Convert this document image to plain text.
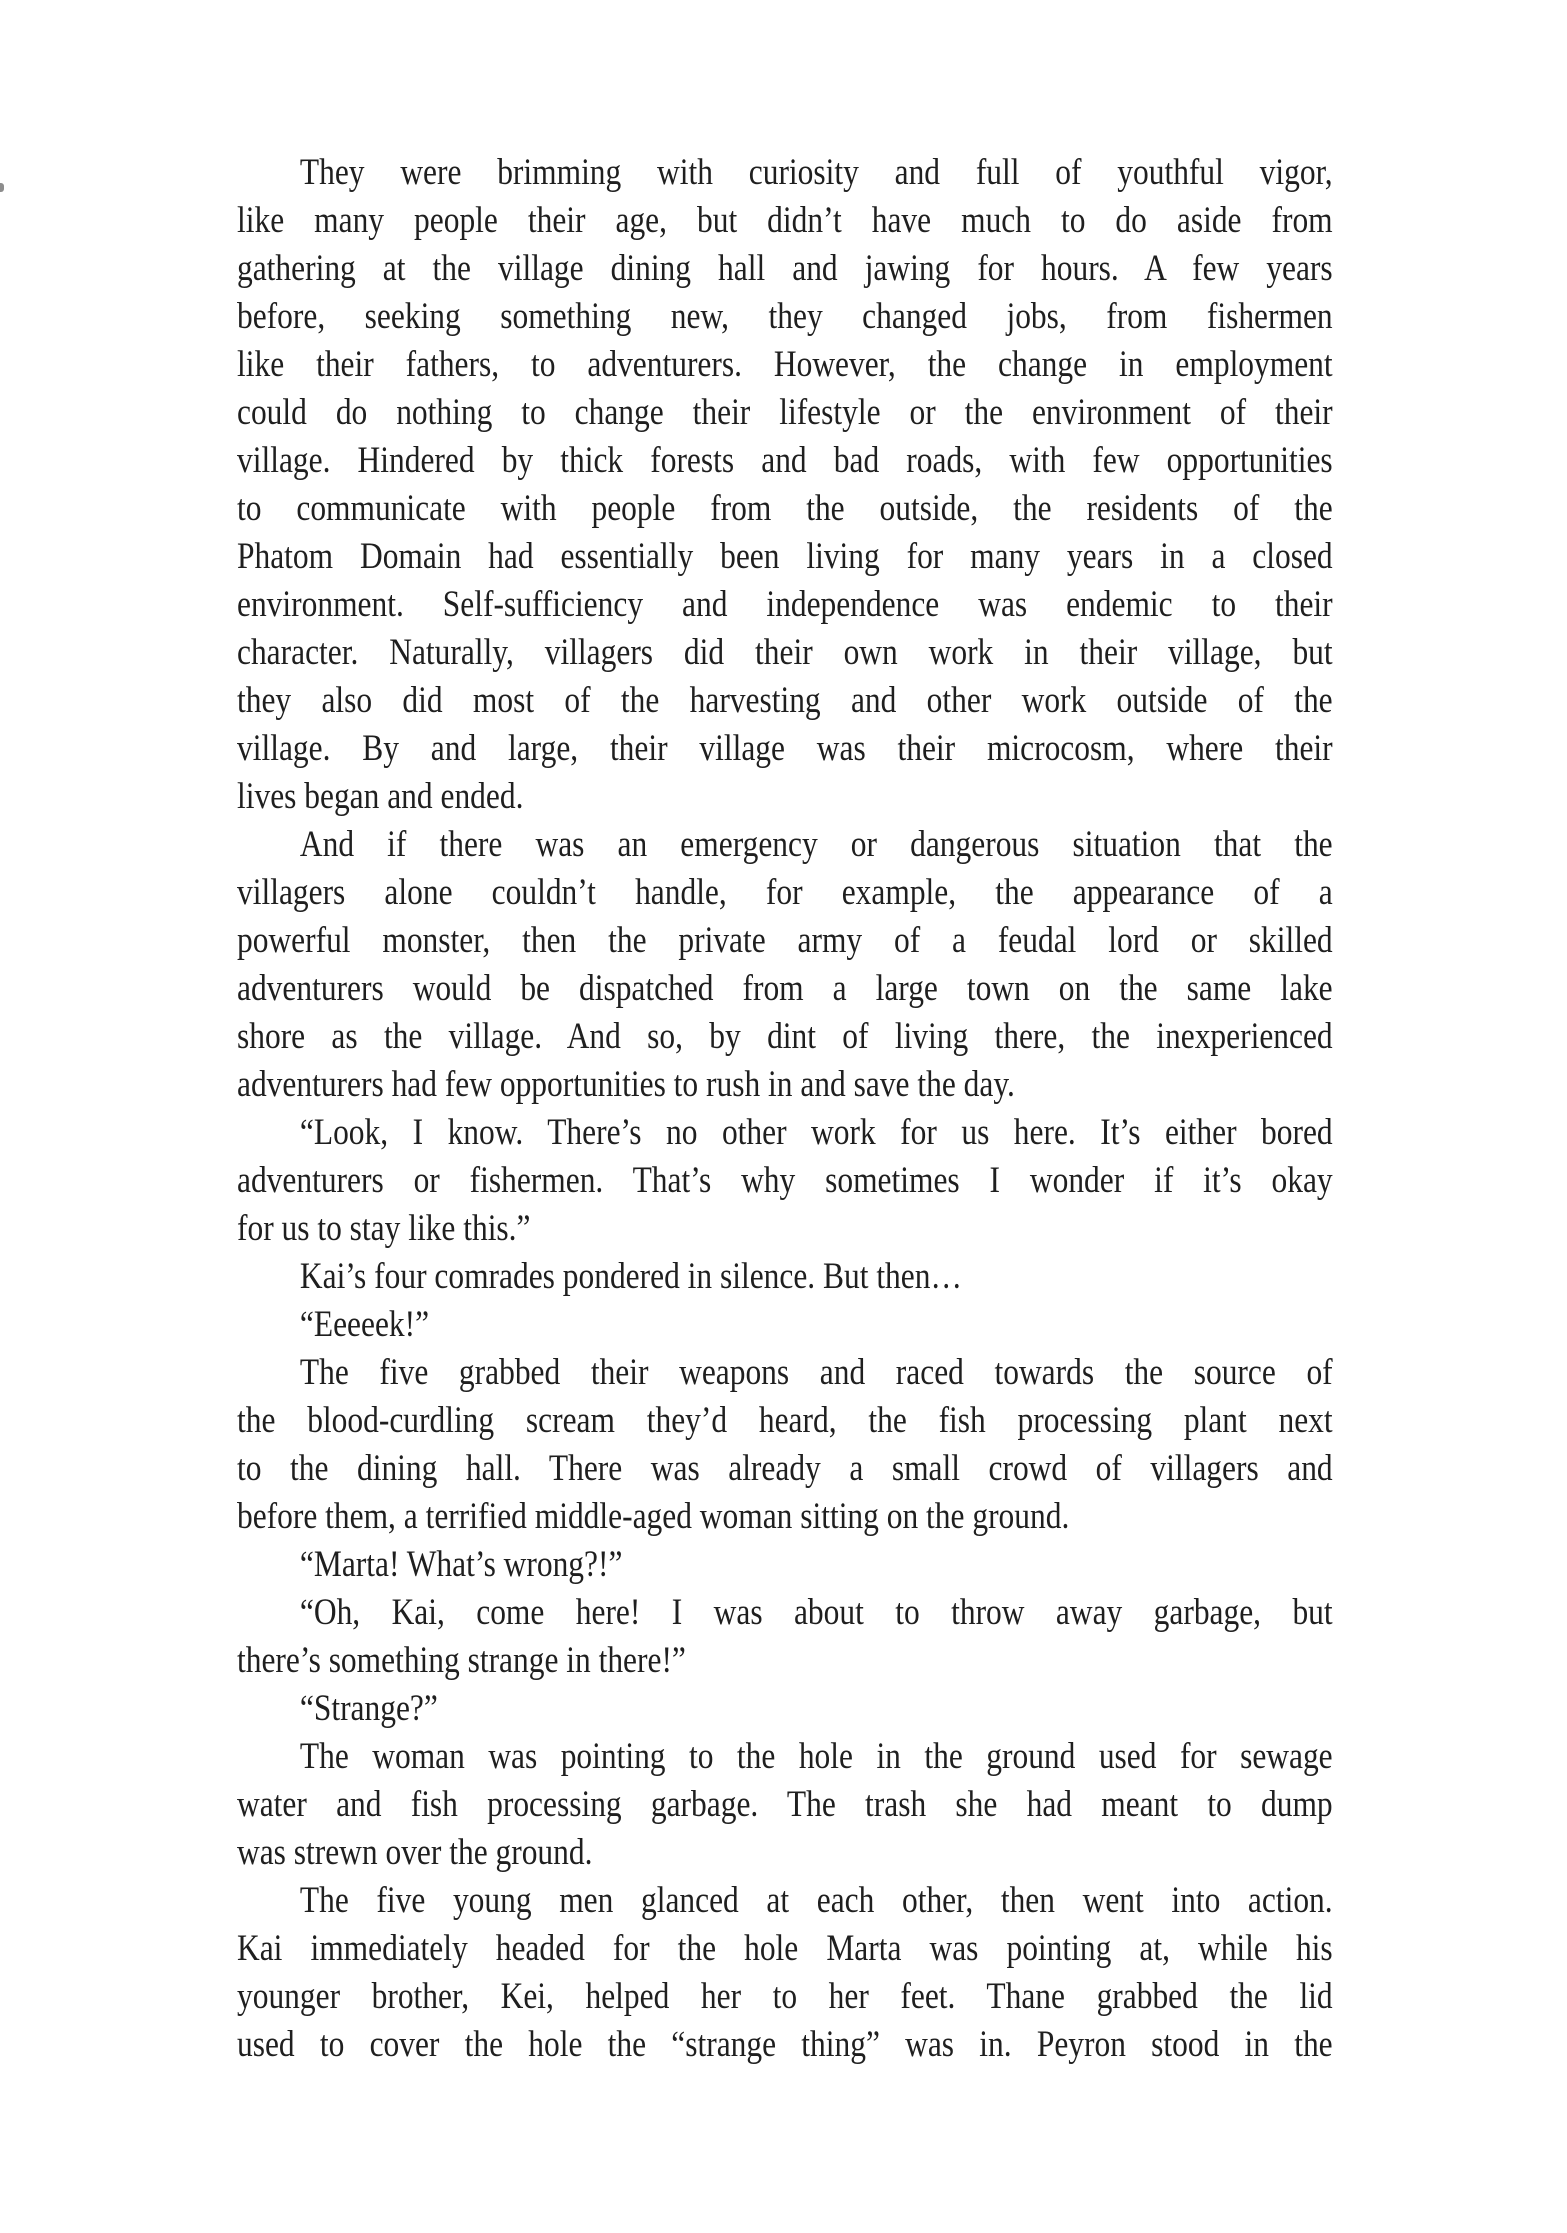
They were brimming with curiosity and full of youthful vigor,
like many people their age, but didn’t have much to do aside from
gathering at the village dining hall and jawing for hours. A few years
before, seeking something new, they changed jobs, from fishermen
like their fathers, to adventurers. However, the change in employment
could do nothing to change their lifestyle or the environment of their
village. Hindered by thick forests and bad roads, with few opportunities
to communicate with people from the outside, the residents of the
Phatom Domain had essentially been living for many years in a closed
environment. Self-sufficiency and independence was endemic to their
character. Naturally, villagers did their own work in their village, but
they also did most of the harvesting and other work outside of the
village. By and large, their village was their microcosm, where their
lives began and ended.
And if there was an emergency or dangerous situation that the
villagers alone couldn’t handle, for example, the appearance of a
powerful monster, then the private army of a feudal lord or skilled
adventurers would be dispatched from a large town on the same lake
shore as the village. And so, by dint of living there, the inexperienced
adventurers had few opportunities to rush in and save the day.
“Look, I know. There’s no other work for us here. It’s either bored
adventurers or fishermen. That’s why sometimes I wonder if it’s okay
for us to stay like this.”
Kai’s four comrades pondered in silence. But then…
“Eeeeek!”
The five grabbed their weapons and raced towards the source of
the blood-curdling scream they’d heard, the fish processing plant next
to the dining hall. There was already a small crowd of villagers and
before them, a terrified middle-aged woman sitting on the ground.
“Marta! What’s wrong?!”
“Oh, Kai, come here! I was about to throw away garbage, but
there’s something strange in there!”
“Strange?”
The woman was pointing to the hole in the ground used for sewage
water and fish processing garbage. The trash she had meant to dump
was strewn over the ground.
The five young men glanced at each other, then went into action.
Kai immediately headed for the hole Marta was pointing at, while his
younger brother, Kei, helped her to her feet. Thane grabbed the lid
used to cover the hole the “strange thing” was in. Peyron stood in the
